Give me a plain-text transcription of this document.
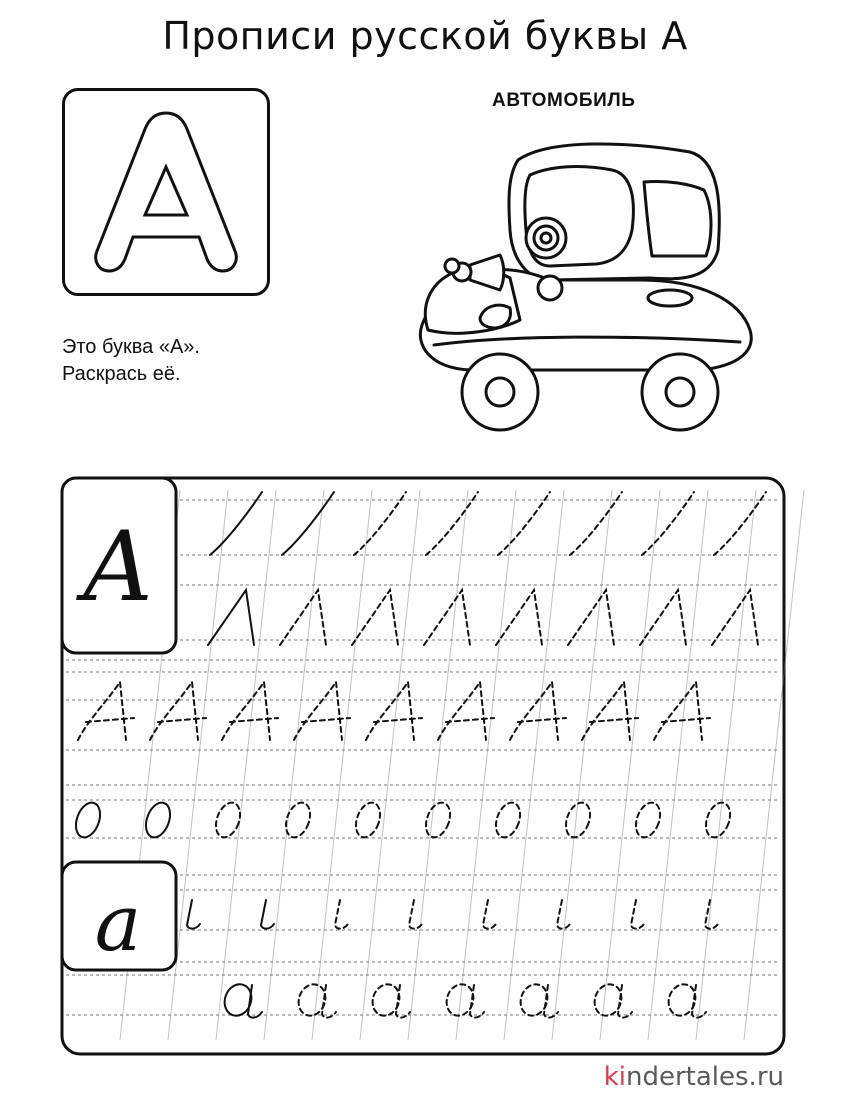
Прописи русской буквы А
АВТОМОБИЛЬ
Это буква «А».
Раскрась её.
A
a
kindertales.ru
